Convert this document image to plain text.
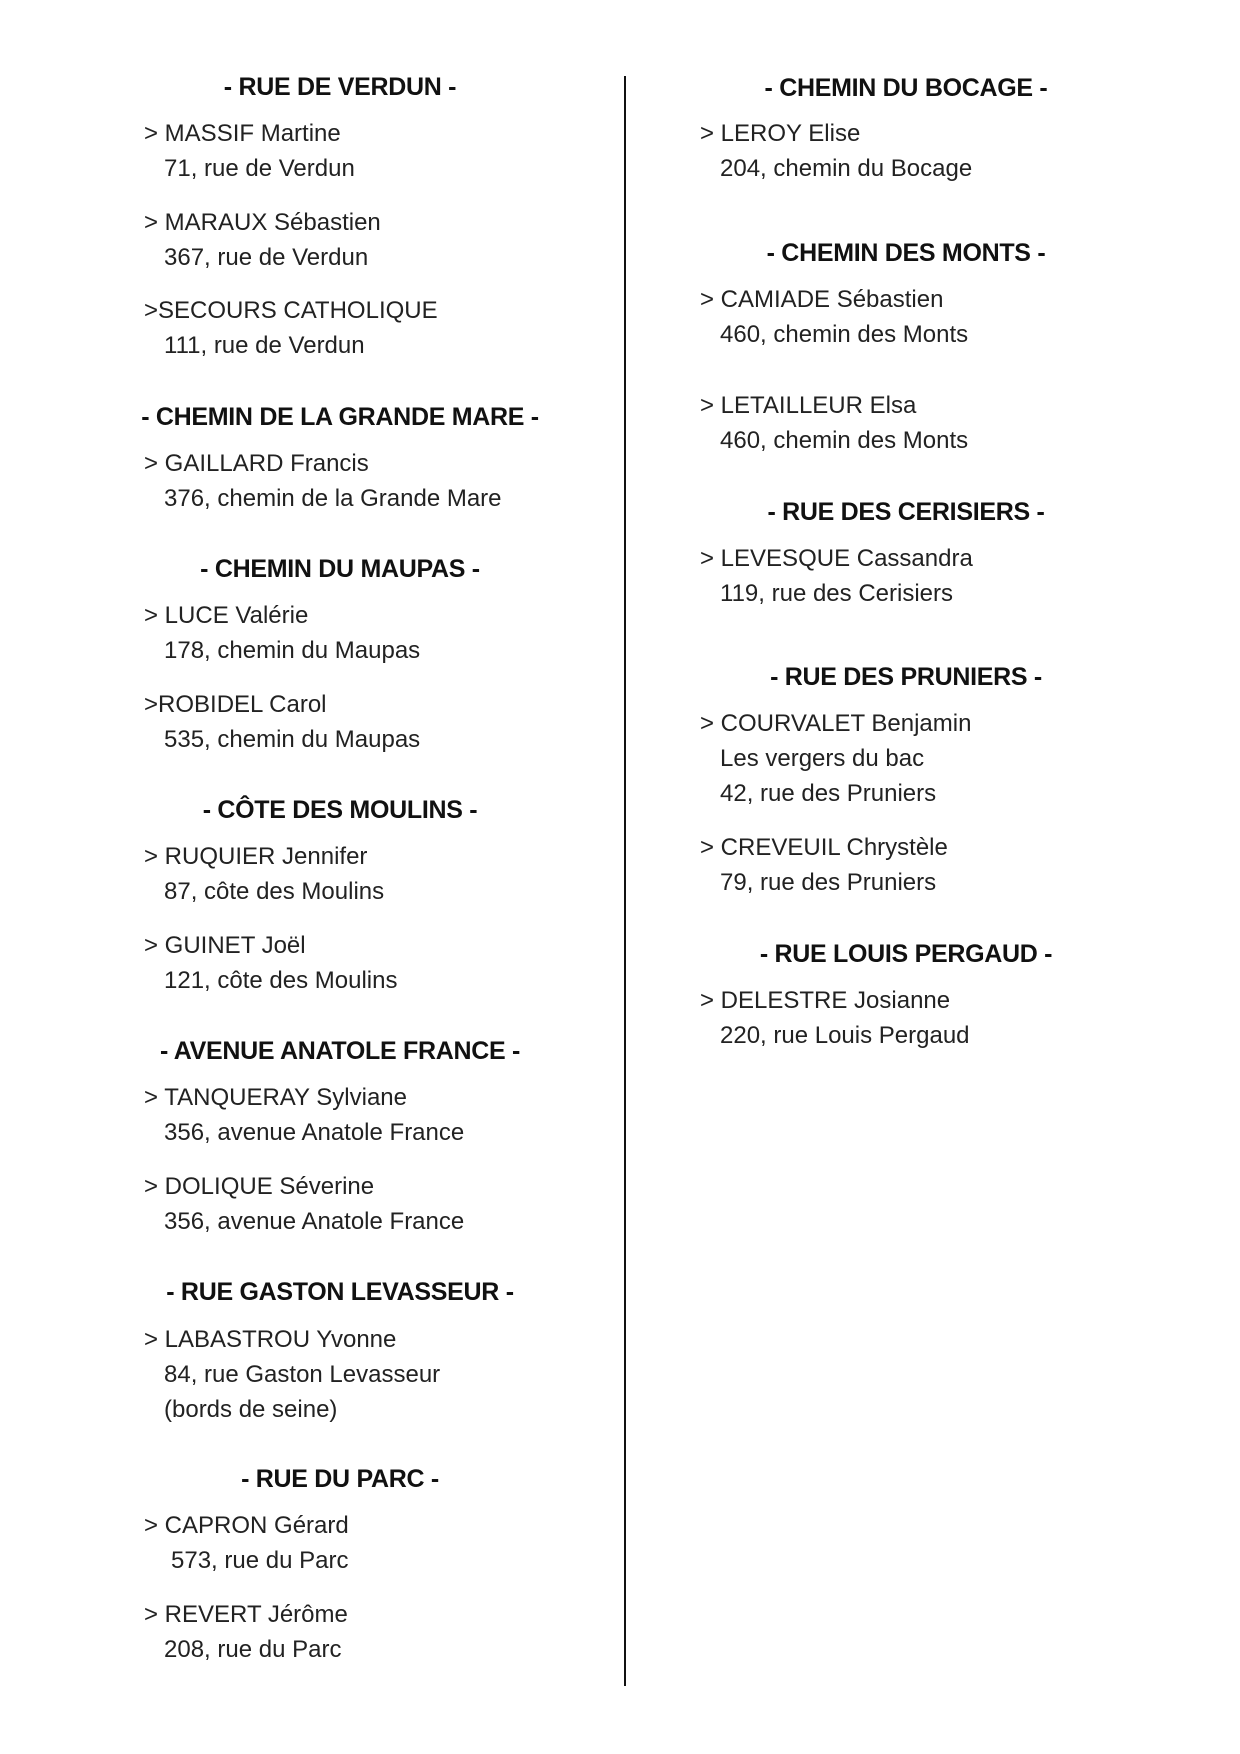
- RUE DE VERDUN -
> MASSIF Martine
71, rue de Verdun
> MARAUX Sébastien
367, rue de Verdun
>SECOURS CATHOLIQUE
111, rue de Verdun
- CHEMIN DE LA GRANDE MARE -
> GAILLARD Francis
376, chemin de la Grande Mare
- CHEMIN DU MAUPAS -
> LUCE Valérie
178, chemin du Maupas
>ROBIDEL Carol
535, chemin du Maupas
- CÔTE DES MOULINS -
> RUQUIER Jennifer
87, côte des Moulins
> GUINET Joël
121, côte des Moulins
- AVENUE ANATOLE FRANCE -
> TANQUERAY Sylviane
356, avenue Anatole France
> DOLIQUE Séverine
356, avenue Anatole France
- RUE GASTON LEVASSEUR -
> LABASTROU Yvonne
84, rue Gaston Levasseur
(bords de seine)
- RUE DU PARC -
> CAPRON Gérard
573, rue du Parc
> REVERT Jérôme
208, rue du Parc
- CHEMIN DU BOCAGE -
> LEROY Elise
204, chemin du Bocage
- CHEMIN DES MONTS -
> CAMIADE Sébastien
460, chemin des Monts
> LETAILLEUR Elsa
460, chemin des Monts
- RUE DES CERISIERS -
> LEVESQUE Cassandra
119, rue des Cerisiers
- RUE DES PRUNIERS -
> COURVALET Benjamin
Les vergers du bac
42, rue des Pruniers
> CREVEUIL Chrystèle
79, rue des Pruniers
- RUE LOUIS PERGAUD -
> DELESTRE Josianne
220, rue Louis Pergaud
